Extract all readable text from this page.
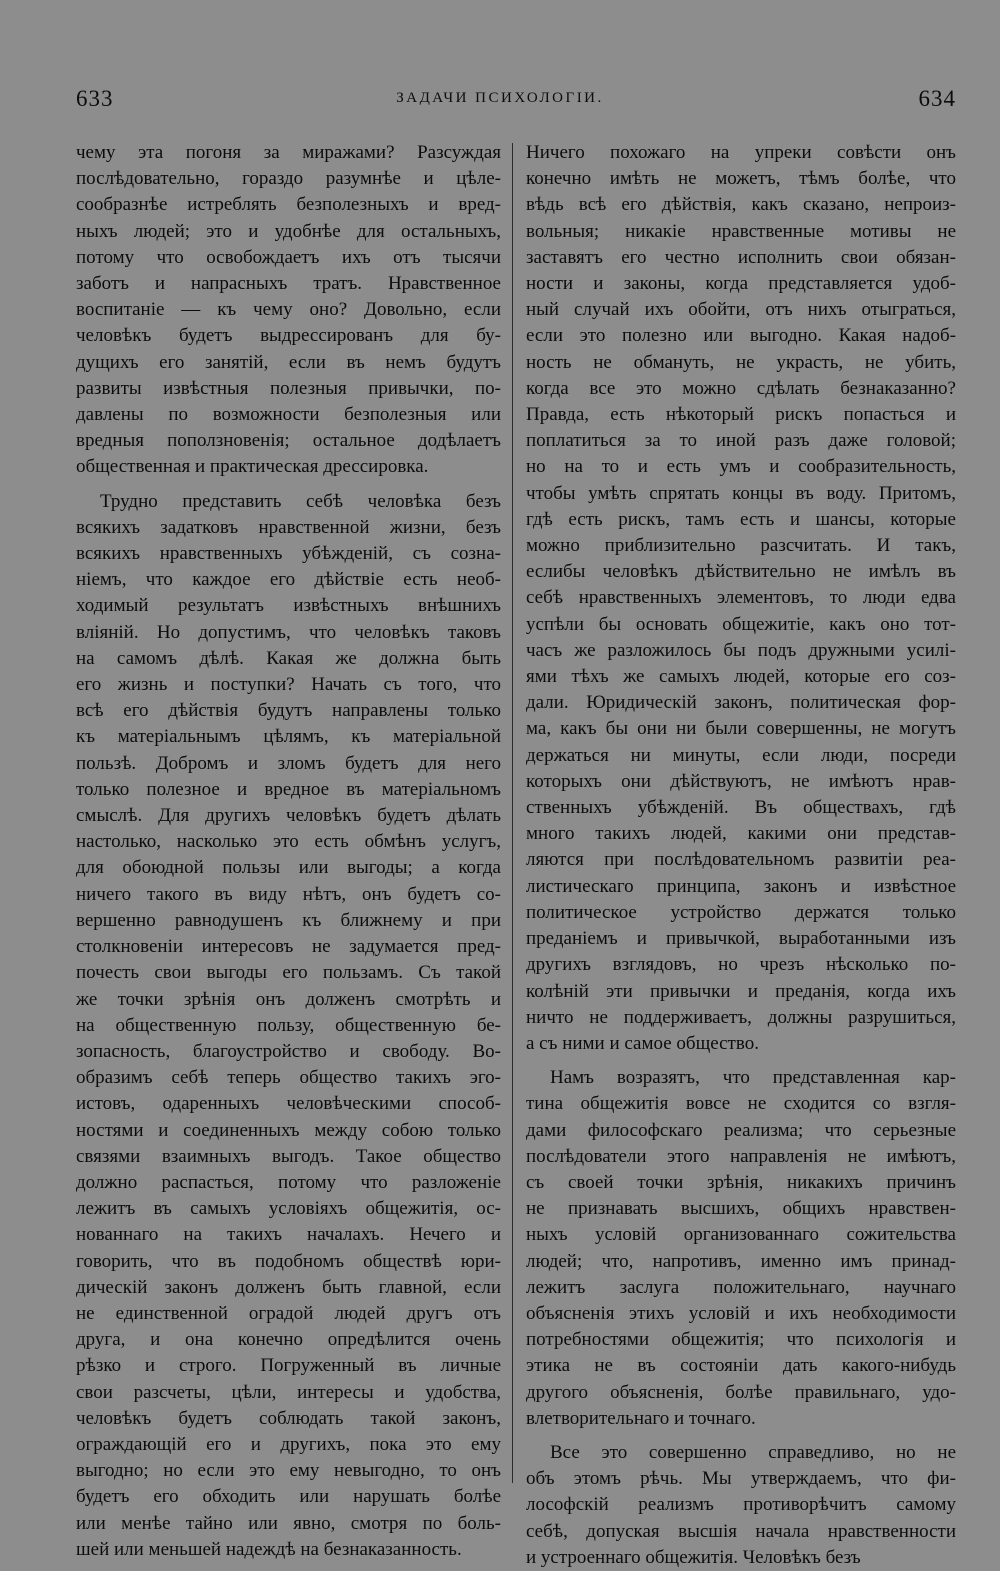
633	ЗАДАЧИ ПСИХОЛОГІИ.	634
чему эта погоня за миражами? Разсуждая
послѣдовательно, гораздо разумнѣе и цѣле-
сообразнѣе истреблять безполезныхъ и вред-
ныхъ людей; это и удобнѣе для остальныхъ,
потому что освобождаетъ ихъ отъ тысячи
заботъ и напрасныхъ тратъ. Нравственное
воспитаніе — къ чему оно? Довольно, если
человѣкъ будетъ выдрессированъ для бу-
дущихъ его занятій, если въ немъ будутъ
развиты извѣстныя полезныя привычки, по-
давлены по возможности безполезныя или
вредныя поползновенія; остальное додѣлаетъ
общественная и практическая дрессировка.
Трудно представить себѣ человѣка безъ
всякихъ задатковъ нравственной жизни, безъ
всякихъ нравственныхъ убѣжденій, съ созна-
ніемъ, что каждое его дѣйствіе есть необ-
ходимый результатъ извѣстныхъ внѣшнихъ
вліяній. Но допустимъ, что человѣкъ таковъ
на самомъ дѣлѣ. Какая же должна быть
его жизнь и поступки? Начать съ того, что
всѣ его дѣйствія будутъ направлены только
къ матеріальнымъ цѣлямъ, къ матеріальной
пользѣ. Добромъ и зломъ будетъ для него
только полезное и вредное въ матеріальномъ
смыслѣ. Для другихъ человѣкъ будетъ дѣлать
настолько, насколько это есть обмѣнъ услугъ,
для обоюдной пользы или выгоды; а когда
ничего такого въ виду нѣтъ, онъ будетъ со-
вершенно равнодушенъ къ ближнему и при
столкновеніи интересовъ не задумается пред-
почесть свои выгоды его пользамъ. Съ такой
же точки зрѣнія онъ долженъ смотрѣть и
на общественную пользу, общественную бе-
зопасность, благоустройство и свободу. Во-
образимъ себѣ теперь общество такихъ эго-
истовъ, одаренныхъ человѣческими способ-
ностями и соединенныхъ между собою только
связями взаимныхъ выгодъ. Такое общество
должно распасться, потому что разложеніе
лежитъ въ самыхъ условіяхъ общежитія, ос-
нованнаго на такихъ началахъ. Нечего и
говорить, что въ подобномъ обществѣ юри-
дическій законъ долженъ быть главной, если
не единственной оградой людей другъ отъ
друга, и она конечно опредѣлится очень
рѣзко и строго. Погруженный въ личные
свои разсчеты, цѣли, интересы и удобства,
человѣкъ будетъ соблюдать такой законъ,
ограждающій его и другихъ, пока это ему
выгодно; но если это ему невыгодно, то онъ
будетъ его обходить или нарушать болѣе
или менѣе тайно или явно, смотря по боль-
шей или меньшей надеждѣ на безнаказанность.
Ничего похожаго на упреки совѣсти онъ
конечно имѣть не можетъ, тѣмъ болѣе, что
вѣдь всѣ его дѣйствія, какъ сказано, непроиз-
вольныя; никакіе нравственные мотивы не
заставятъ его честно исполнить свои обязан-
ности и законы, когда представляется удоб-
ный случай ихъ обойти, отъ нихъ отыграться,
если это полезно или выгодно. Какая надоб-
ность не обмануть, не украсть, не убить,
когда все это можно сдѣлать безнаказанно?
Правда, есть нѣкоторый рискъ попасться и
поплатиться за то иной разъ даже головой;
но на то и есть умъ и сообразительность,
чтобы умѣть спрятать концы въ воду. Притомъ,
гдѣ есть рискъ, тамъ есть и шансы, которые
можно приблизительно разсчитать. И такъ,
еслибы человѣкъ дѣйствительно не имѣлъ въ
себѣ нравственныхъ элементовъ, то люди едва
успѣли бы основать общежитіе, какъ оно тот-
часъ же разложилось бы подъ дружными усилі-
ями тѣхъ же самыхъ людей, которые его соз-
дали. Юридическій законъ, политическая фор-
ма, какъ бы они ни были совершенны, не могутъ
держаться ни минуты, если люди, посреди
которыхъ они дѣйствуютъ, не имѣютъ нрав-
ственныхъ убѣжденій. Въ обществахъ, гдѣ
много такихъ людей, какими они представ-
ляются при послѣдовательномъ развитіи реа-
листическаго принципа, законъ и извѣстное
политическое устройство держатся только
преданіемъ и привычкой, выработанными изъ
другихъ взглядовъ, но чрезъ нѣсколько по-
колѣній эти привычки и преданія, когда ихъ
ничто не поддерживаетъ, должны разрушиться,
а съ ними и самое общество.
Намъ возразятъ, что представленная кар-
тина общежитія вовсе не сходится со взгля-
дами философскаго реализма; что серьезные
послѣдователи этого направленія не имѣютъ,
съ своей точки зрѣнія, никакихъ причинъ
не признавать высшихъ, общихъ нравствен-
ныхъ условій организованнаго сожительства
людей; что, напротивъ, именно имъ принад-
лежитъ заслуга положительнаго, научнаго
объясненія этихъ условій и ихъ необходимости
потребностями общежитія; что психологія и
этика не въ состояніи дать какого-нибудь
другого объясненія, болѣе правильнаго, удо-
влетворительнаго и точнаго.
Все это совершенно справедливо, но не
объ этомъ рѣчь. Мы утверждаемъ, что фи-
лософскій реализмъ противорѣчитъ самому
себѣ, допуская высшія начала нравственности
и устроеннаго общежитія. Человѣкъ безъ
